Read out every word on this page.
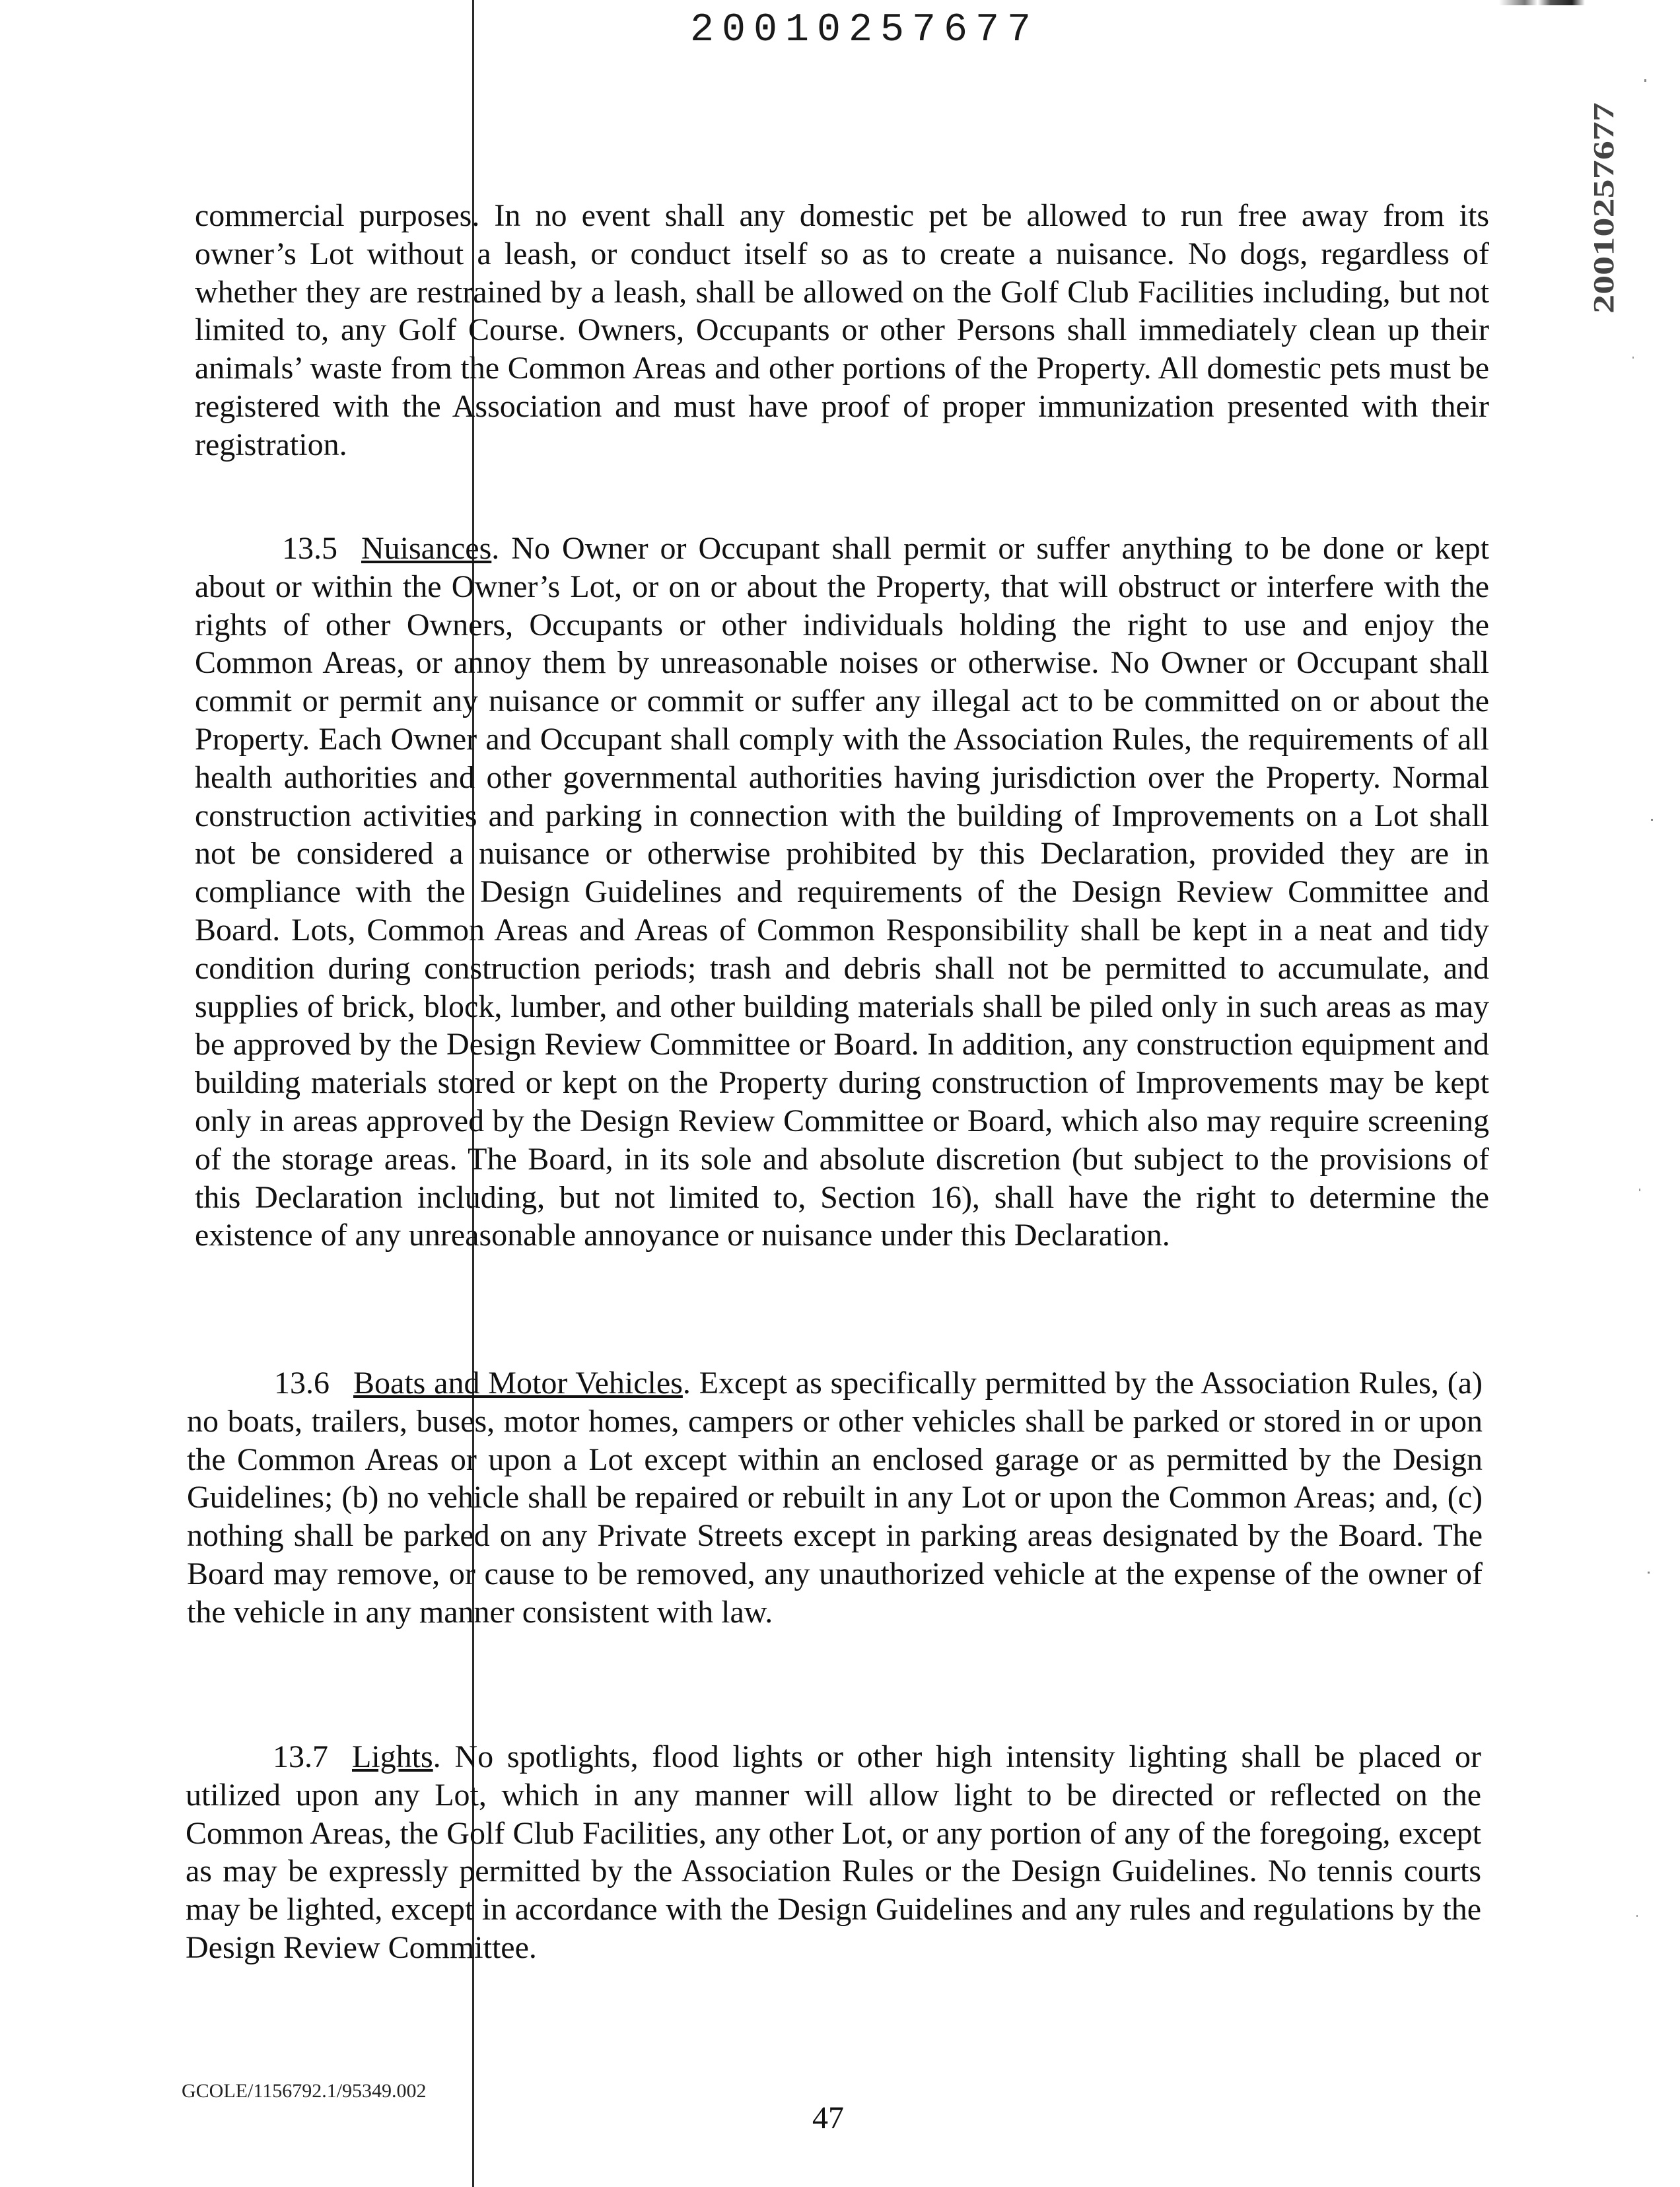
20010257677
20010257677

commercial purposes. In no event shall any domestic pet be allowed to run free away from its owner’s Lot without a leash, or conduct itself so as to create a nuisance. No dogs, regardless of whether they are restrained by a leash, shall be allowed on the Golf Club Facilities including, but not limited to, any Golf Course. Owners, Occupants or other Persons shall immediately clean up their animals’ waste from the Common Areas and other portions of the Property. All domestic pets must be registered with the Association and must have proof of proper immunization presented with their registration.

13.5 Nuisances. No Owner or Occupant shall permit or suffer anything to be done or kept about or within the Owner’s Lot, or on or about the Property, that will obstruct or interfere with the rights of other Owners, Occupants or other individuals holding the right to use and enjoy the Common Areas, or annoy them by unreasonable noises or otherwise. No Owner or Occupant shall commit or permit any nuisance or commit or suffer any illegal act to be committed on or about the Property. Each Owner and Occupant shall comply with the Association Rules, the requirements of all health authorities and other governmental authorities having jurisdiction over the Property. Normal construction activities and parking in connection with the building of Improvements on a Lot shall not be considered a nuisance or otherwise prohibited by this Declaration, provided they are in compliance with the Design Guidelines and requirements of the Design Review Committee and Board. Lots, Common Areas and Areas of Common Responsibility shall be kept in a neat and tidy condition during construction periods; trash and debris shall not be permitted to accumulate, and supplies of brick, block, lumber, and other building materials shall be piled only in such areas as may be approved by the Design Review Committee or Board. In addition, any construction equipment and building materials stored or kept on the Property during construction of Improvements may be kept only in areas approved by the Design Review Committee or Board, which also may require screening of the storage areas. The Board, in its sole and absolute discretion (but subject to the provisions of this Declaration including, but not limited to, Section 16), shall have the right to determine the existence of any unreasonable annoyance or nuisance under this Declaration.

13.6 Boats and Motor Vehicles. Except as specifically permitted by the Association Rules, (a) no boats, trailers, buses, motor homes, campers or other vehicles shall be parked or stored in or upon the Common Areas or upon a Lot except within an enclosed garage or as permitted by the Design Guidelines; (b) no vehicle shall be repaired or rebuilt in any Lot or upon the Common Areas; and, (c) nothing shall be parked on any Private Streets except in parking areas designated by the Board. The Board may remove, or cause to be removed, any unauthorized vehicle at the expense of the owner of the vehicle in any manner consistent with law.

13.7 Lights. No spotlights, flood lights or other high intensity lighting shall be placed or utilized upon any Lot, which in any manner will allow light to be directed or reflected on the Common Areas, the Golf Club Facilities, any other Lot, or any portion of any of the foregoing, except as may be expressly permitted by the Association Rules or the Design Guidelines. No tennis courts may be lighted, except in accordance with the Design Guidelines and any rules and regulations by the Design Review Committee.

GCOLE/1156792.1/95349.002
47
